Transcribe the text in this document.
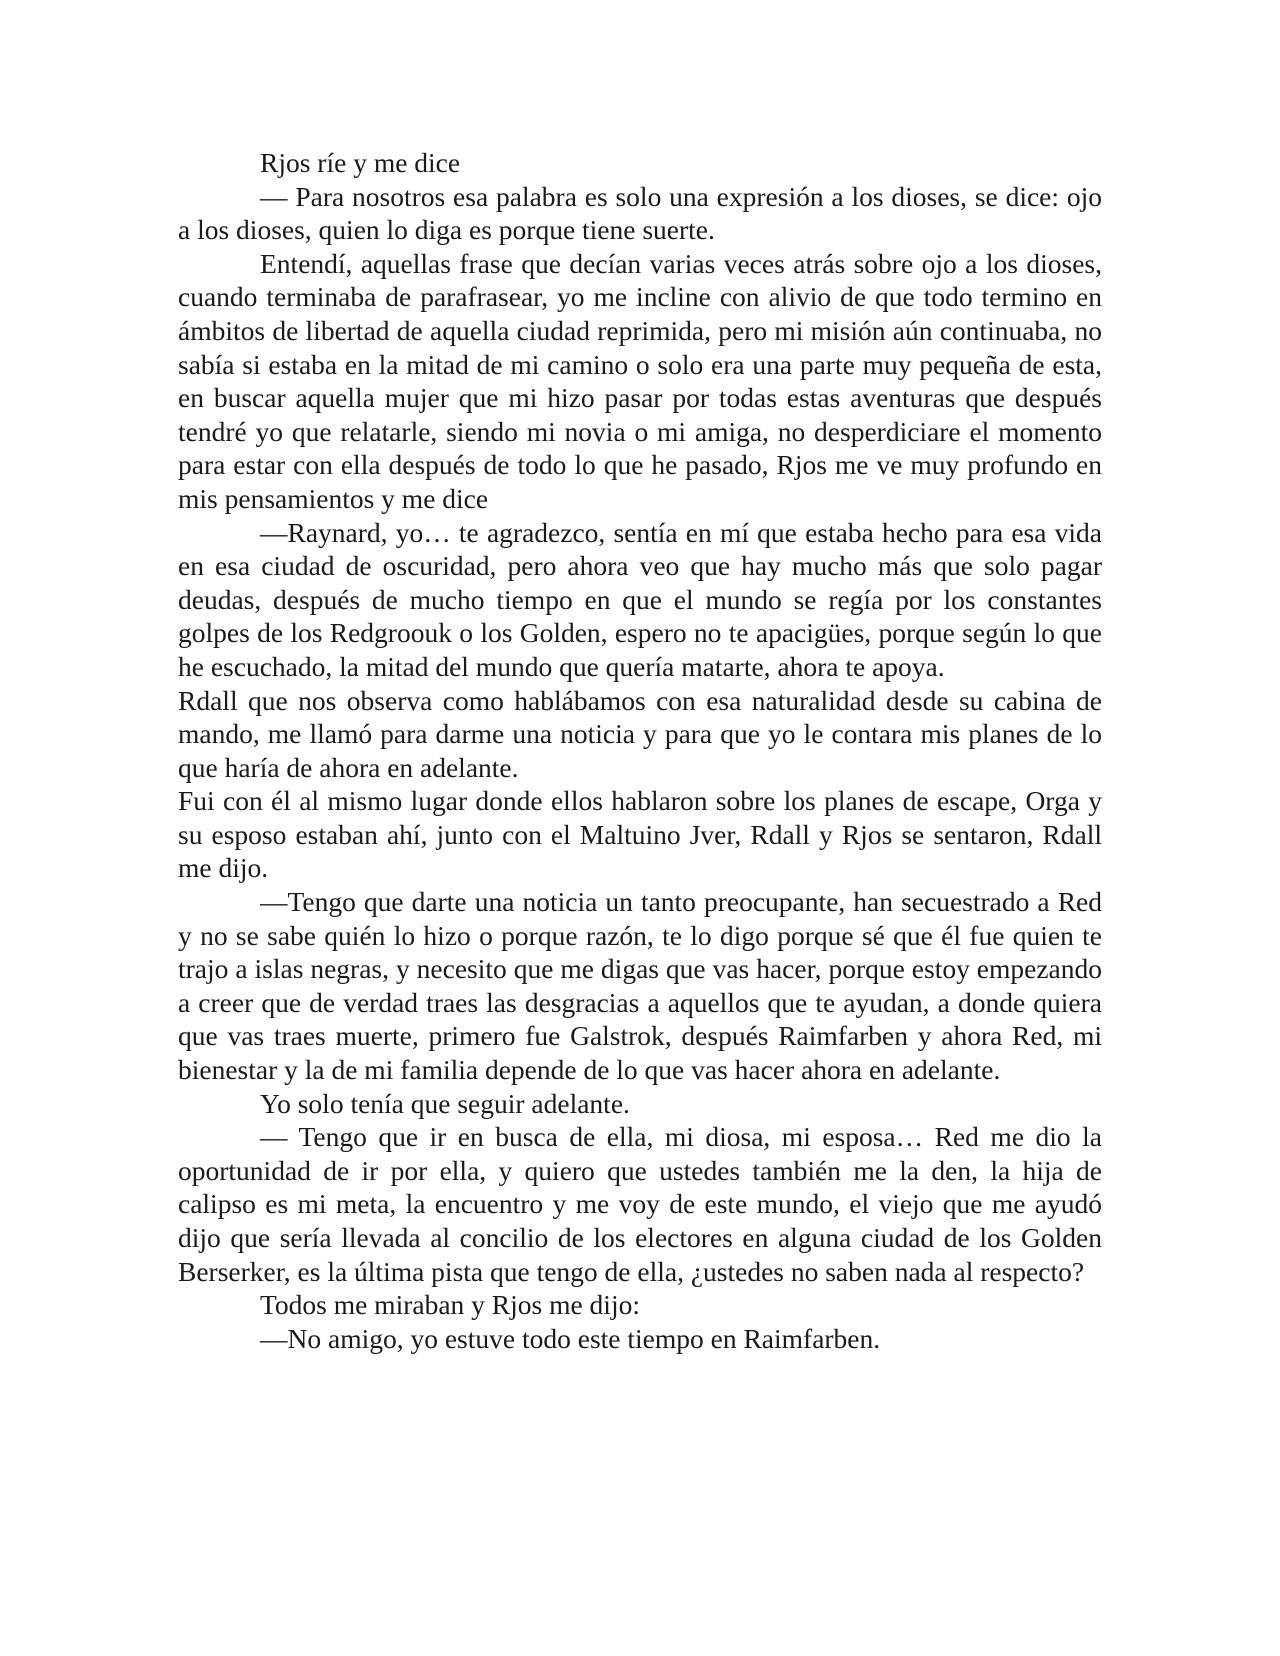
Rjos ríe y me dice

— Para nosotros esa palabra es solo una expresión a los dioses, se dice: ojo a los dioses, quien lo diga es porque tiene suerte.

Entendí, aquellas frase que decían varias veces atrás sobre ojo a los dioses, cuando terminaba de parafrasear, yo me incline con alivio de que todo termino en ámbitos de libertad de aquella ciudad reprimida, pero mi misión aún continuaba, no sabía si estaba en la mitad de mi camino o solo era una parte muy pequeña de esta, en buscar aquella mujer que mi hizo pasar por todas estas aventuras que después tendré yo que relatarle, siendo mi novia o mi amiga, no desperdiciare el momento para estar con ella después de todo lo que he pasado, Rjos me ve muy profundo en mis pensamientos y me dice

—Raynard, yo… te agradezco, sentía en mí que estaba hecho para esa vida en esa ciudad de oscuridad, pero ahora veo que hay mucho más que solo pagar deudas, después de mucho tiempo en que el mundo se regía por los constantes golpes de los Redgroouk o los Golden, espero no te apacigües, porque según lo que he escuchado, la mitad del mundo que quería matarte, ahora te apoya.

Rdall que nos observa como hablábamos con esa naturalidad desde su cabina de mando, me llamó para darme una noticia y para que yo le contara mis planes de lo que haría de ahora en adelante.

Fui con él al mismo lugar donde ellos hablaron sobre los planes de escape, Orga y su esposo estaban ahí, junto con el Maltuino Jver, Rdall y Rjos se sentaron, Rdall me dijo.

—Tengo que darte una noticia un tanto preocupante, han secuestrado a Red y no se sabe quién lo hizo o porque razón, te lo digo porque sé que él fue quien te trajo a islas negras, y necesito que me digas que vas hacer, porque estoy empezando a creer que de verdad traes las desgracias a aquellos que te ayudan, a donde quiera que vas traes muerte, primero fue Galstrok, después Raimfarben y ahora Red, mi bienestar y la de mi familia depende de lo que vas hacer ahora en adelante.

Yo solo tenía que seguir adelante.

— Tengo que ir en busca de ella, mi diosa, mi esposa… Red me dio la oportunidad de ir por ella, y quiero que ustedes también me la den, la hija de calipso es mi meta, la encuentro y me voy de este mundo, el viejo que me ayudó dijo que sería llevada al concilio de los electores en alguna ciudad de los Golden Berserker, es la última pista que tengo de ella, ¿ustedes no saben nada al respecto?

Todos me miraban y Rjos me dijo:

—No amigo, yo estuve todo este tiempo en Raimfarben.
